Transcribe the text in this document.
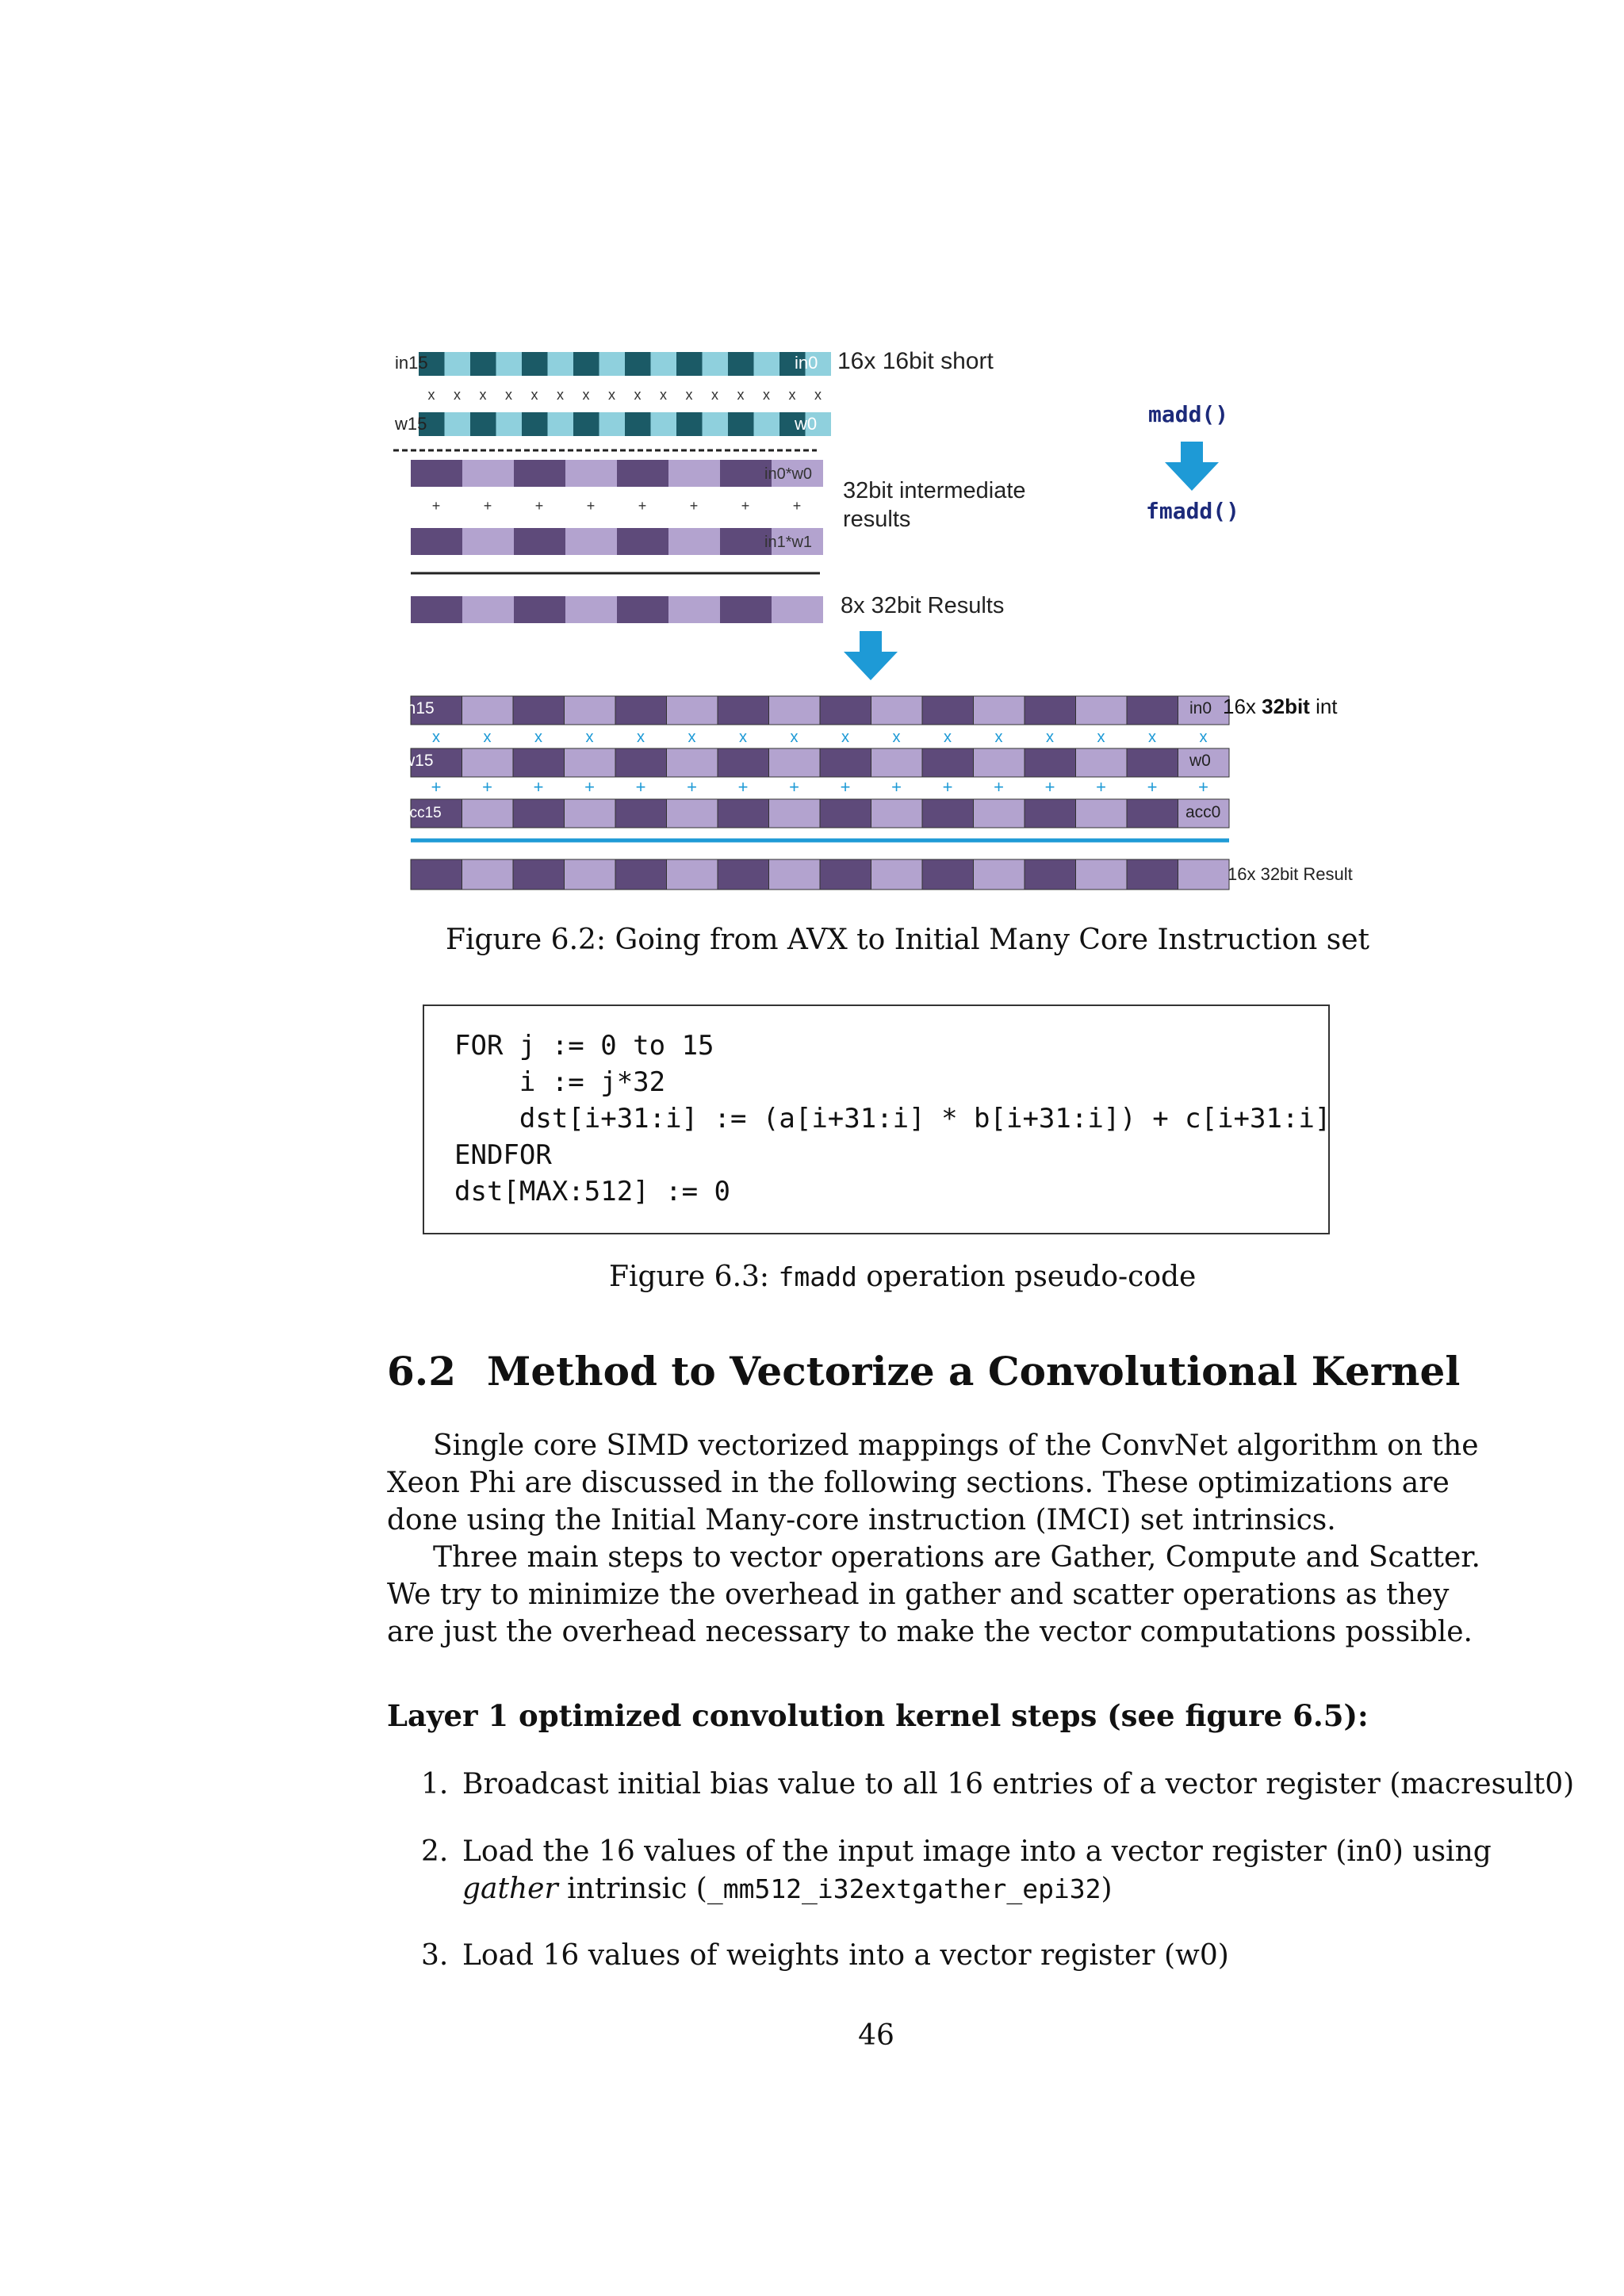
x x x x x x x x x x x x x x x x
+	+	+	+	+	+	+	+
x	x	x	x	x	x	x	x	x	x	x	x	x	x	x	x
+ + + + + + + + + + + + + + + +
in15	in0
w15	w0
in0*w0
in1*w1
16x 16bit short
32bit intermediate
results
8x 32bit Results
madd()
fmadd()
in15	in0
w15	w0
acc15	acc0
16x 32bit int
16x 32bit Result
Figure 6.2: Going from AVX to Initial Many Core Instruction set
FOR j := 0 to 15
i := j*32
dst[i+31:i] := (a[i+31:i] * b[i+31:i]) + c[i+31:i]
ENDFOR
dst[MAX:512] := 0
Figure 6.3: fmadd operation pseudo-code
6.2 Method to Vectorize a Convolutional Kernel
Single core SIMD vectorized mappings of the ConvNet algorithm on the
Xeon Phi are discussed in the following sections. These optimizations are
done using the Initial Many-core instruction (IMCI) set intrinsics.
Three main steps to vector operations are Gather, Compute and Scatter.
We try to minimize the overhead in gather and scatter operations as they
are just the overhead necessary to make the vector computations possible.
Layer 1 optimized convolution kernel steps (see figure 6.5):
1. Broadcast initial bias value to all 16 entries of a vector register (macresult0)
2. Load the 16 values of the input image into a vector register (in0) using
gather intrinsic (_mm512_i32extgather_epi32)
3. Load 16 values of weights into a vector register (w0)
46
